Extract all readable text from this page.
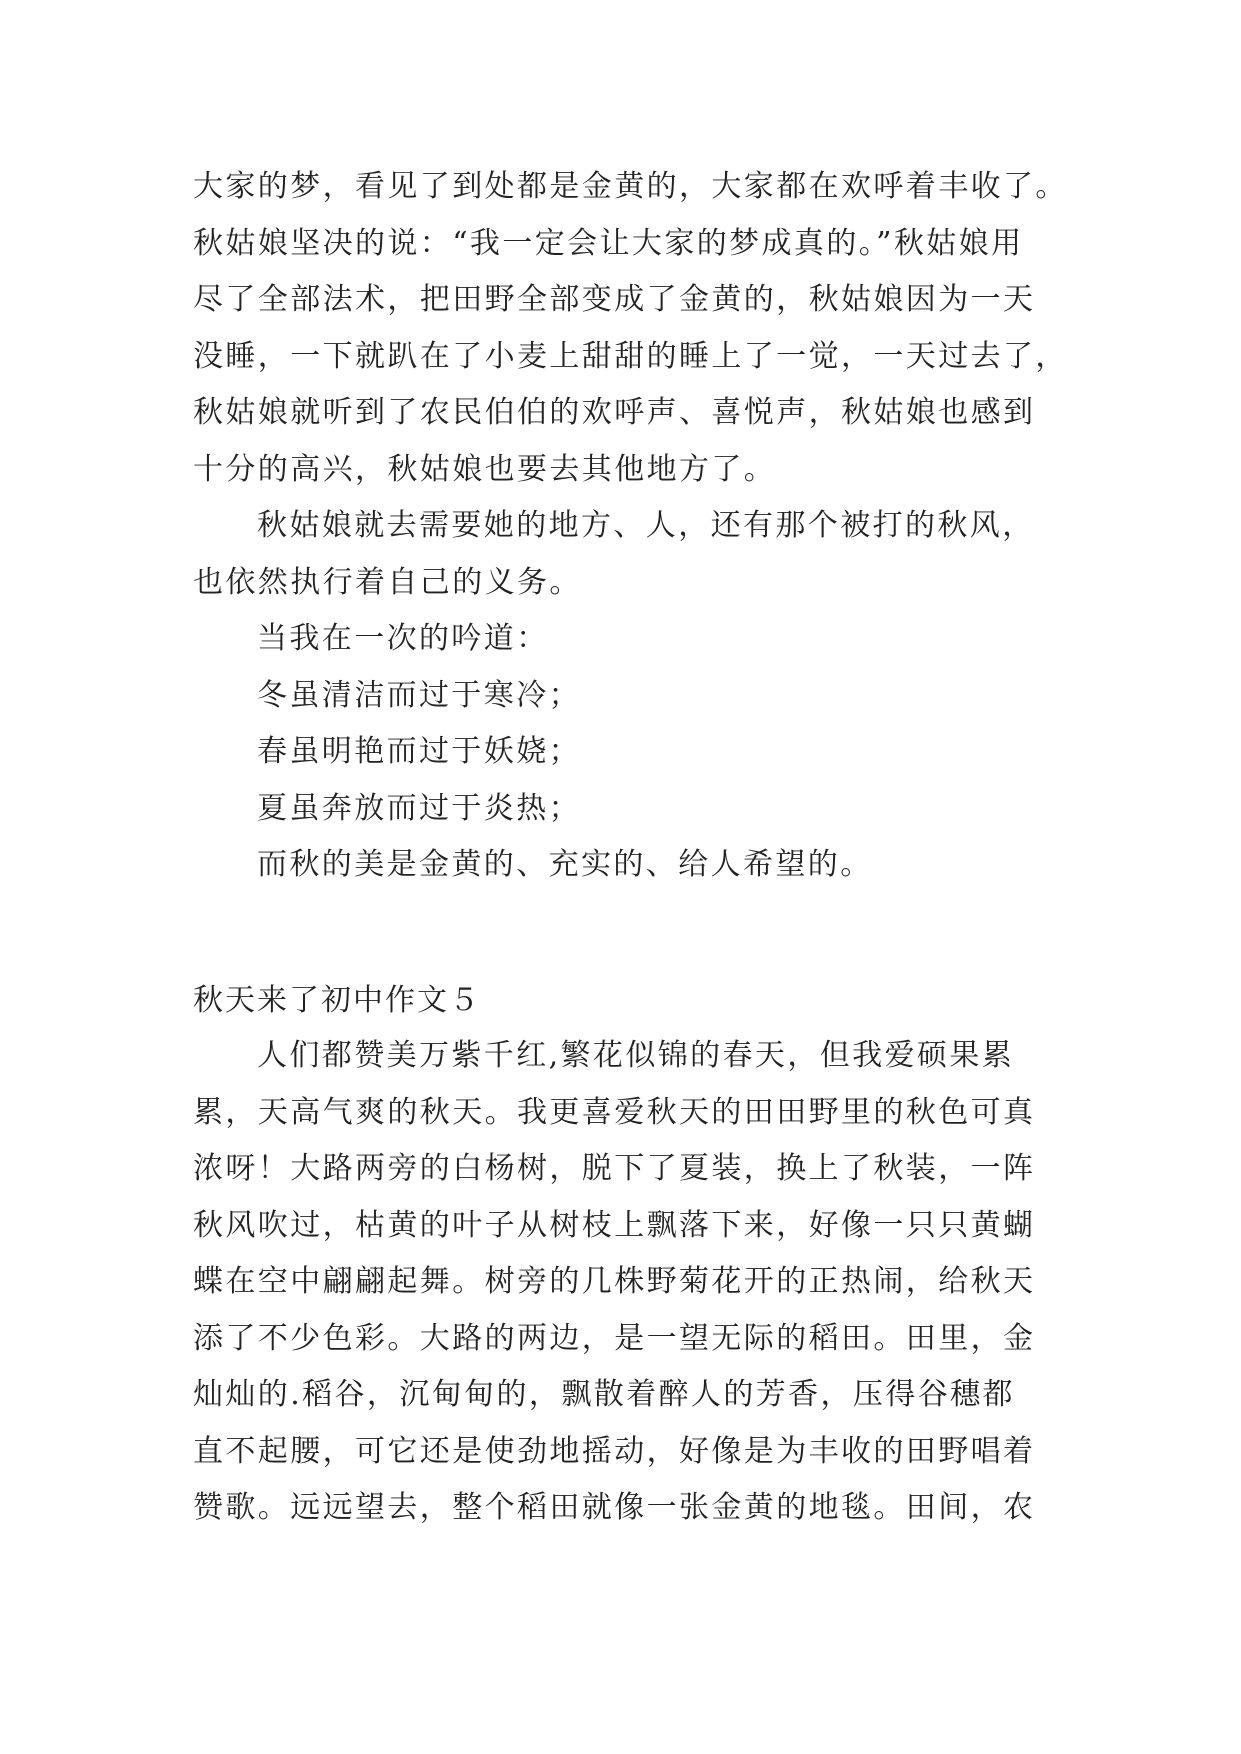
大家的梦，看见了到处都是金黄的，大家都在欢呼着丰收了。
秋姑娘坚决的说：“我一定会让大家的梦成真的。”秋姑娘用
尽了全部法术，把田野全部变成了金黄的，秋姑娘因为一天
没睡，一下就趴在了小麦上甜甜的睡上了一觉，一天过去了，
秋姑娘就听到了农民伯伯的欢呼声、喜悦声，秋姑娘也感到
十分的高兴，秋姑娘也要去其他地方了。
秋姑娘就去需要她的地方、人，还有那个被打的秋风，
也依然执行着自己的义务。
当我在一次的吟道：
冬虽清洁而过于寒冷；
春虽明艳而过于妖娆；
夏虽奔放而过于炎热；
而秋的美是金黄的、充实的、给人希望的。
秋天来了初中作文５
人们都赞美万紫千红,繁花似锦的春天，但我爱硕果累
累，天高气爽的秋天。我更喜爱秋天的田田野里的秋色可真
浓呀！大路两旁的白杨树，脱下了夏装，换上了秋装，一阵
秋风吹过，枯黄的叶子从树枝上飘落下来，好像一只只黄蝴
蝶在空中翩翩起舞。树旁的几株野菊花开的正热闹，给秋天
添了不少色彩。大路的两边，是一望无际的稻田。田里，金
灿灿的.稻谷，沉甸甸的，飘散着醉人的芳香，压得谷穗都
直不起腰，可它还是使劲地摇动，好像是为丰收的田野唱着
赞歌。远远望去，整个稻田就像一张金黄的地毯。田间，农
